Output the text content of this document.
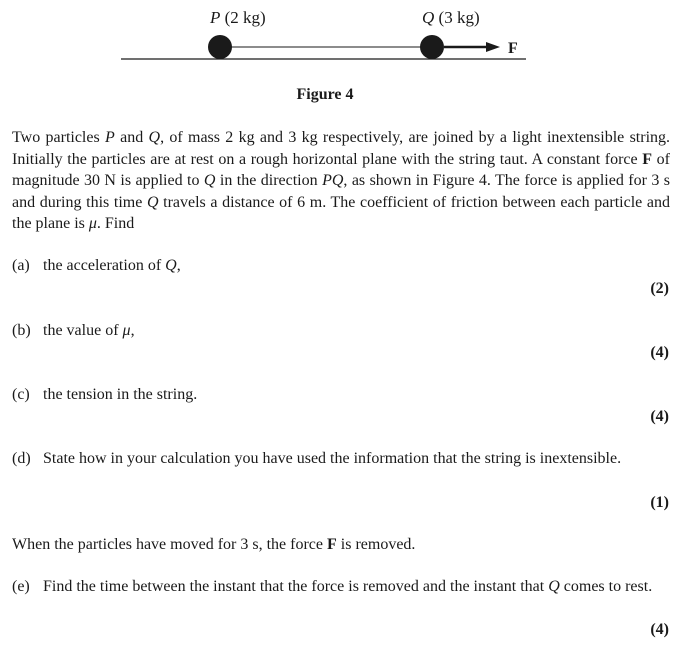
P (2 kg)	Q (3 kg)
F
Figure 4
Two particles P and Q, of mass 2 kg and 3 kg respectively, are joined by a light inextensible string. Initially the particles are at rest on a rough horizontal plane with the string taut. A constant force F of magnitude 30 N is applied to Q in the direction PQ, as shown in Figure 4. The force is applied for 3 s and during this time Q travels a distance of 6 m. The coefficient of friction between each particle and the plane is μ. Find
(a) the acceleration of Q,
(2)
(b) the value of μ,
(4)
(c) the tension in the string.
(4)
(d) State how in your calculation you have used the information that the string is inextensible.
(1)
When the particles have moved for 3 s, the force F is removed.
(e) Find the time between the instant that the force is removed and the instant that Q comes to rest.
(4)
